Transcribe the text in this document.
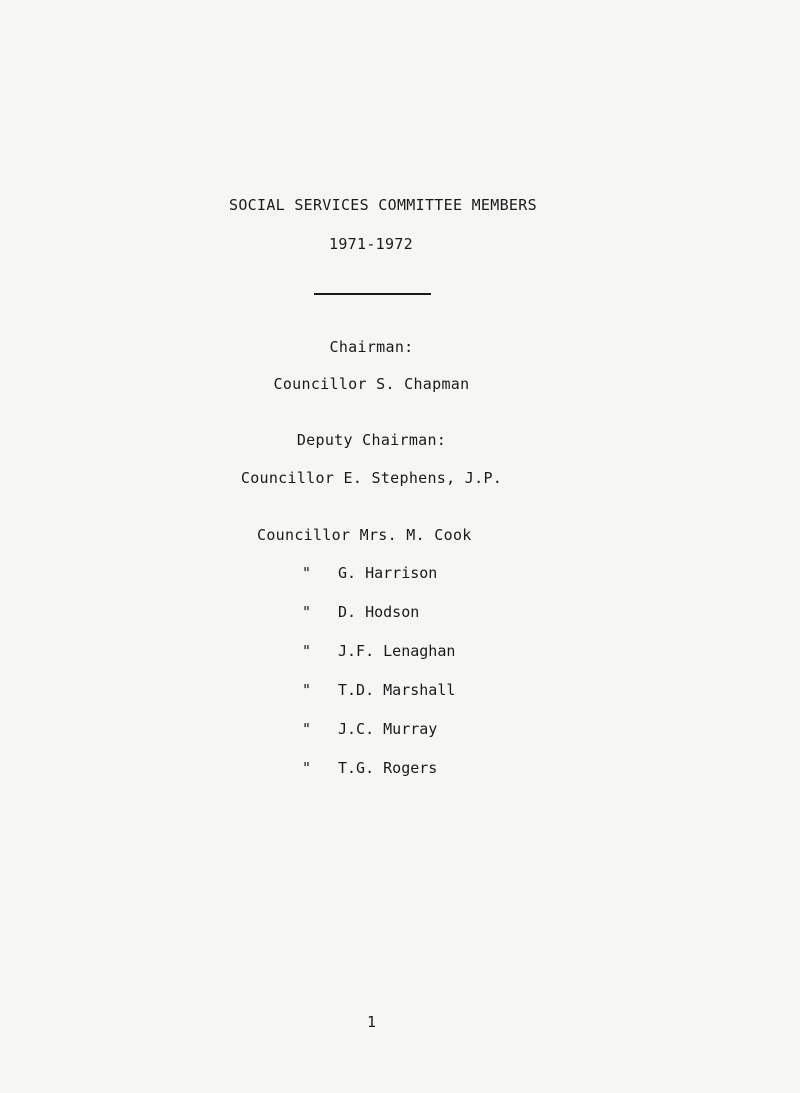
SOCIAL SERVICES COMMITTEE MEMBERS
1971-1972
Chairman:
Councillor S. Chapman
Deputy Chairman:
Councillor E. Stephens, J.P.
Councillor Mrs. M. Cook
" G. Harrison
" D. Hodson
" J.F. Lenaghan
" T.D. Marshall
" J.C. Murray
" T.G. Rogers
1
